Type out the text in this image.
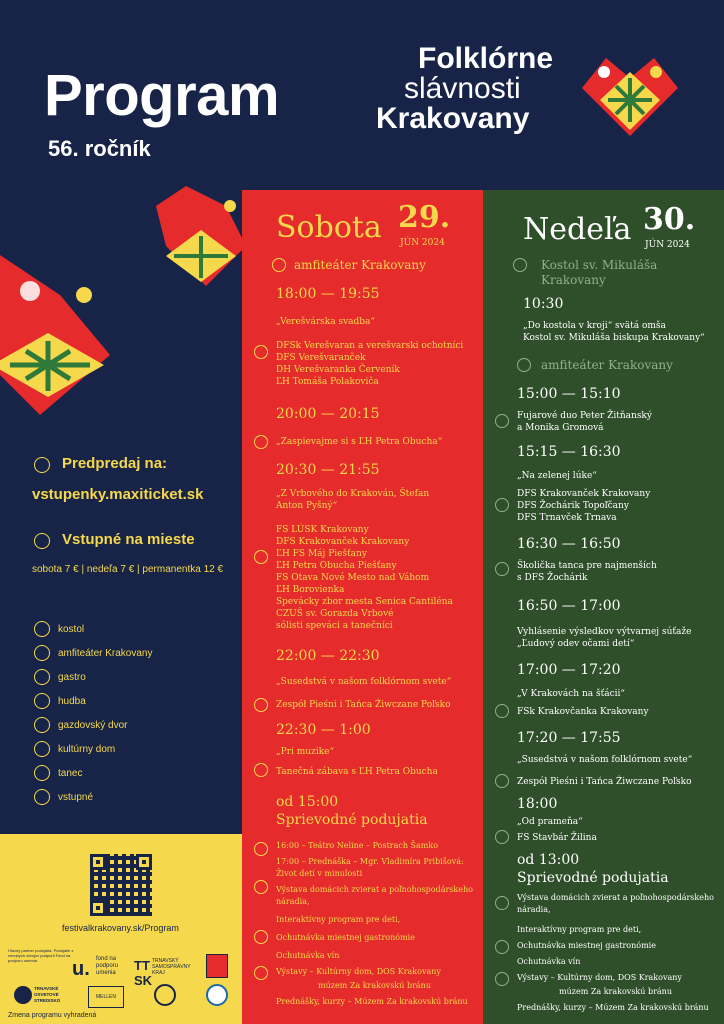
Program
56. ročník
Folklórne
slávnosti
Krakovany
Predpredaj na:
vstupenky.maxiticket.sk
Vstupné na mieste
sobota 7 € | nedeľa 7 € | permanentka 12 €
kostol
amfiteáter Krakovany
gastro
hudba
gazdovský dvor
kultúrny dom
tanec
vstupné
festivalkrakovany.sk/Program
Hlavný partner podujatia. Podujatie z verejných zdrojov podporil Fond na podporu umenia.	u. fond na podporu umenia	TT
SK
TRNAVSKÝ SAMOSPRÁVNY KRAJ
TRNAVSKÉ OSVETOVÉ STREDISKO
MELLEN
Zmena programu vyhradená
Sobota 29.
JÚN 2024
amfiteáter Krakovany
18:00 — 19:55
„Verešvárska svadba“
DFSk Verešvaran a verešvarski ochotníci
DFS Verešvaranček
DH Verešvaranka Červeník
ĽH Tomáša Polakoviča
20:00 — 20:15
„Zaspievajme si s ĽH Petra Obucha“
20:30 — 21:55
„Z Vrbového do Krakován, Štefan Anton Pyšný“
FS LÚSK Krakovany
DFS Krakovanček Krakovany
ĽH FS Máj Piešťany
ĽH Petra Obucha Piešťany
FS Otava Nové Mesto nad Váhom
ĽH Borovienka
Spevácky zbor mesta Senica Cantiléna
CZUŠ sv. Gorazda Vrbové
sólisti speváci a tanečníci
22:00 — 22:30
„Susedstvá v našom folklórnom svete“
Zespół Pieśni i Tańca Żiwczane Poľsko
22:30 — 1:00
„Pri muzike“
Tanečná zábava s ĽH Petra Obucha
od 15:00
Sprievodné podujatia
16:00 – Teátro Neline – Postrach Šamko
17:00 – Prednáška – Mgr. Vladimíra Pribišová: Život detí v minulosti
Výstava domácich zvierat a poľnohospodárskeho náradia,
Interaktívny program pre deti,
Ochutnávka miestnej gastronómie
Ochutnávka vín
Výstavy – Kultúrny dom, DOS Krakovany
múzem Za krakovskú bránu
Prednášky, kurzy – Múzem Za krakovskú bránu
Nedeľa 30.
JÚN 2024
Kostol sv. Mikuláša
Krakovany
10:30
„Do kostola v kroji“ svätá omša
Kostol sv. Mikuláša biskupa Krakovany“
amfiteáter Krakovany
15:00 — 15:10
Fujarové duo Peter Žitňanský
a Monika Gromová
15:15 — 16:30
„Na zelenej lúke“
DFS Krakovanček Krakovany
DFS Žochárik Topoľčany
DFS Trnavček Trnava
16:30 — 16:50
Školička tanca pre najmenších
s DFS Žochárik
16:50 — 17:00
Vyhlásenie výsledkov výtvarnej súťaže
„Ľudový odev očami detí“
17:00 — 17:20
„V Krakovách na šťácii“
FSk Krakovčanka Krakovany
17:20 — 17:55
„Susedstvá v našom folklórnom svete“
Zespół Pieśni i Tańca Żiwczane Poľsko
18:00
„Od prameňa“
FS Stavbár Žilina
od 13:00
Sprievodné podujatia
Výstava domácich zvierat a poľnohospodárskeho náradia,
Interaktívny program pre deti,
Ochutnávka miestnej gastronómie
Ochutnávka vín
Výstavy – Kultúrny dom, DOS Krakovany
múzem Za krakovskú bránu
Prednášky, kurzy – Múzem Za krakovskú bránu
